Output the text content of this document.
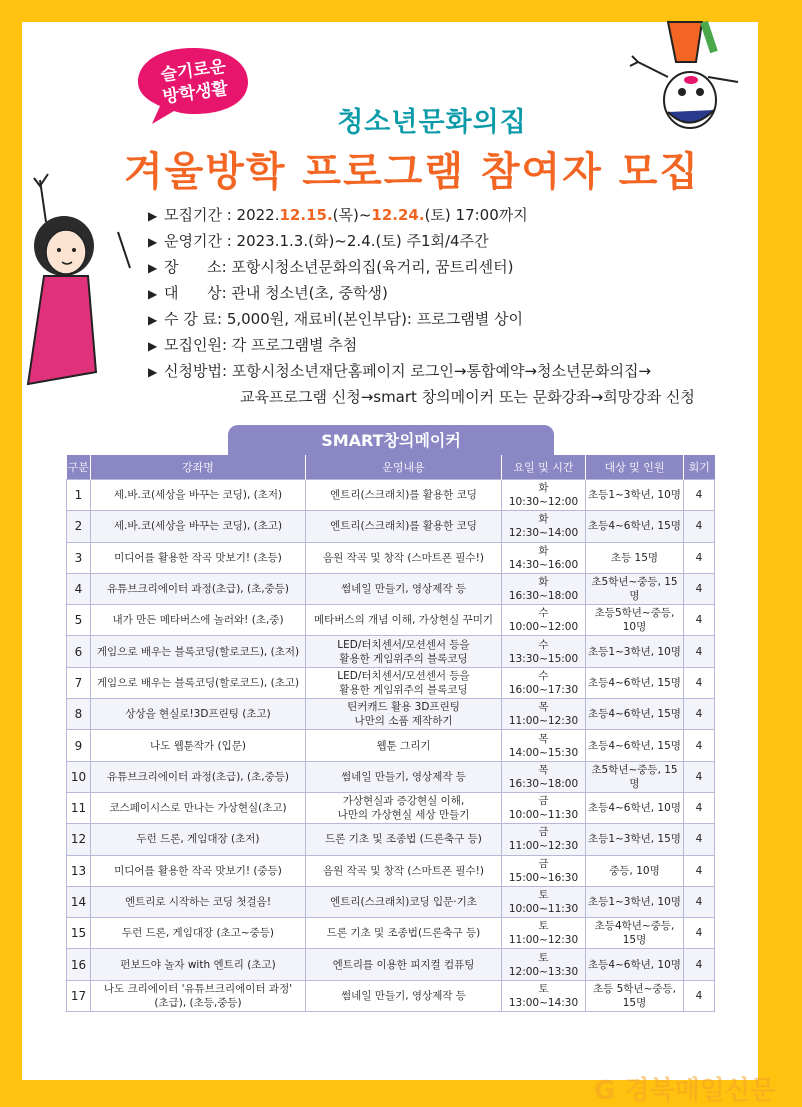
슬기로운
방학생활
청소년문화의집
겨울방학 프로그램 참여자 모집
▶ 모집기간 : 2022.12.15.(목)~12.24.(토) 17:00까지
▶ 운영기간 : 2023.1.3.(화)~2.4.(토) 주1회/4주간
▶ 장      소: 포항시청소년문화의집(육거리, 꿈트리센터)
▶ 대      상: 관내 청소년(초, 중학생)
▶ 수 강 료: 5,000원, 재료비(본인부담): 프로그램별 상이
▶ 모집인원: 각 프로그램별 추첨
▶ 신청방법: 포항시청소년재단홈페이지 로그인→통합예약→청소년문화의집→
교육프로그램 신청→smart 창의메이커 또는 문화강좌→희망강좌 신청
SMART창의메이커
구분	강좌명	운영내용	요일 및 시간	대상 및 인원	회기
1	세.바.코(세상을 바꾸는 코딩), (초저)	엔트리(스크래치)를 활용한 코딩	화 10:30~12:00	초등1~3학년, 10명	4
2	세.바.코(세상을 바꾸는 코딩), (초고)	엔트리(스크래치)를 활용한 코딩	화 12:30~14:00	초등4~6학년, 15명	4
3	미디어를 활용한 작곡 맛보기! (초등)	음원 작곡 및 창작 (스마트폰 필수!)	화 14:30~16:00	초등 15명	4
4	유튜브크리에이터 과정(초급), (초,중등)	썸네일 만들기, 영상제작 등	화 16:30~18:00	초5학년~중등, 15명	4
5	내가 만든 메타버스에 놀러와! (초,중)	메타버스의 개념 이해, 가상현실 꾸미기	수 10:00~12:00	초등5학년~중등, 10명	4
6	게임으로 배우는 블록코딩(할로코드), (초저)	LED/터치센서/모션센서 등을
활용한 게임위주의 블록코딩	수 13:30~15:00	초등1~3학년, 10명	4
7	게임으로 배우는 블록코딩(할로코드), (초고)	LED/터치센서/모션센서 등을
활용한 게임위주의 블록코딩	수 16:00~17:30	초등4~6학년, 15명	4
8	상상을 현실로!3D프린팅 (초고)	틴커캐드 활용 3D프린팅
나만의 소품 제작하기	목 11:00~12:30	초등4~6학년, 15명	4
9	나도 웹툰작가 (입문)	웹툰 그리기	목 14:00~15:30	초등4~6학년, 15명	4
10	유튜브크리에이터 과정(초급), (초,중등)	썸네일 만들기, 영상제작 등	목 16:30~18:00	초5학년~중등, 15명	4
11	코스페이시스로 만나는 가상현실(초고)	가상현실과 증강현실 이해,
나만의 가상현실 세상 만들기	금 10:00~11:30	초등4~6학년, 10명	4
12	두런 드론, 게임대장 (초저)	드론 기초 및 조종법 (드론축구 등)	금 11:00~12:30	초등1~3학년, 15명	4
13	미디어를 활용한 작곡 맛보기! (중등)	음원 작곡 및 창작 (스마트폰 필수!)	금 15:00~16:30	중등, 10명	4
14	엔트리로 시작하는 코딩 첫걸음!	엔트리(스크래치)코딩 입문·기초	토 10:00~11:30	초등1~3학년, 10명	4
15	두런 드론, 게임대장 (초고~중등)	드론 기초 및 조종법(드론축구 등)	토 11:00~12:30	초등4학년~중등, 15명	4
16	펀보드야 놀자 with 엔트리 (초고)	엔트리를 이용한 피지컬 컴퓨팅	토 12:00~13:30	초등4~6학년, 10명	4
17	나도 크리에이터 '유튜브크리에이터 과정'
(초급), (초등,중등)	썸네일 만들기, 영상제작 등	토 13:00~14:30	초등 5학년~중등, 15명	4
G 경북매일신문
